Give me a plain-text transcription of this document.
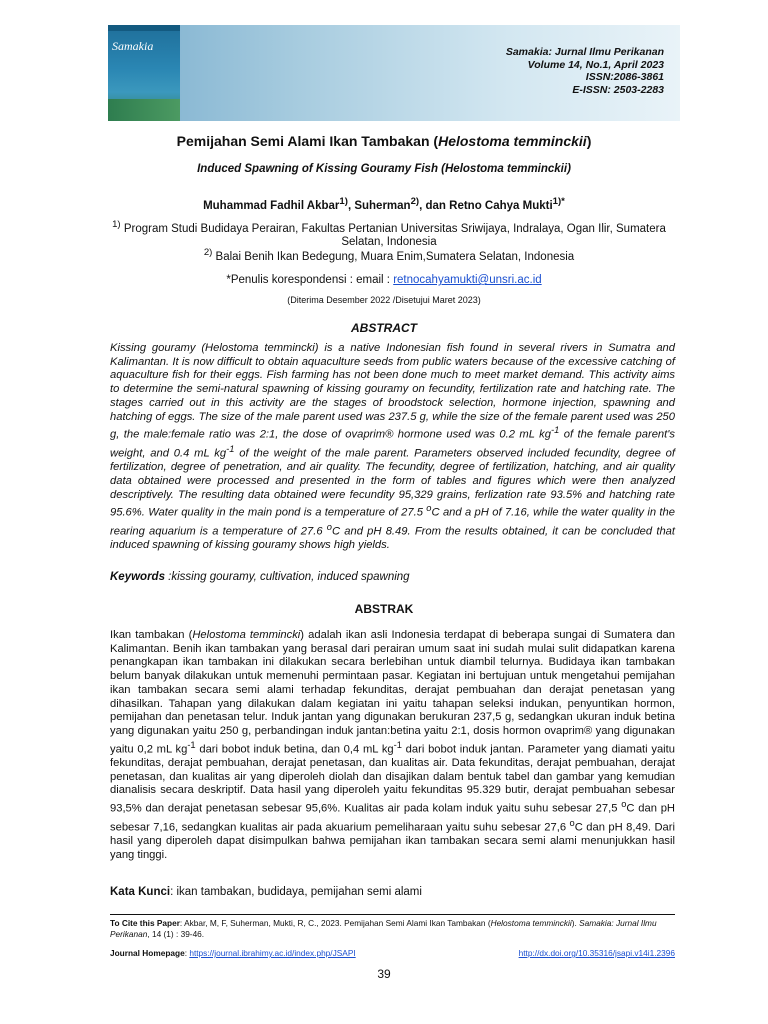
Samakia	Samakia: Jurnal Ilmu Perikanan
Volume 14, No.1, April 2023
ISSN:2086-3861
E-ISSN: 2503-2283
Pemijahan Semi Alami Ikan Tambakan (Helostoma temminckii)
Induced Spawning of Kissing Gouramy Fish (Helostoma temminckii)
Muhammad Fadhil Akbar$^{1)}$, Suherman$^{2)}$, dan Retno Cahya Mukti$^{1)*}$
$^{1)}$ Program Studi Budidaya Perairan, Fakultas Pertanian Universitas Sriwijaya, Indralaya, Ogan Ilir, Sumatera Selatan, Indonesia
$^{2)}$ Balai Benih Ikan Bedegung, Muara Enim,Sumatera Selatan, Indonesia
*Penulis korespondensi : email : retnocahyamukti@unsri.ac.id
(Diterima Desember 2022 /Disetujui Maret 2023)
ABSTRACT
Kissing gouramy (Helostoma temmincki) is a native Indonesian fish found in several rivers in Sumatra and Kalimantan. It is now difficult to obtain aquaculture seeds from public waters because of the excessive catching of aquaculture fish for their eggs. Fish farming has not been done much to meet market demand. This activity aims to determine the semi-natural spawning of kissing gouramy on fecundity, fertilization rate and hatching rate. The stages carried out in this activity are the stages of broodstock selection, hormone injection, spawning and hatching of eggs. The size of the male parent used was 237.5 g, while the size of the female parent used was 250 g, the male:female ratio was 2:1, the dose of ovaprim® hormone used was 0.2 mL $kg^{-1}$ of the female parent's weight, and 0.4 mL $kg^{-1}$ of the weight of the male parent. Parameters observed included fecundity, degree of fertilization, degree of penetration, and air quality. The fecundity, degree of fertilization, hatching, and air quality data obtained were processed and presented in the form of tables and figures which were then analyzed descriptively. The resulting data obtained were fecundity 95,329 grains, ferlization rate 93.5% and hatching rate 95.6%. Water quality in the main pond is a temperature of 27.5 $^o$C and a pH of 7.16, while the water quality in the rearing aquarium is a temperature of 27.6 $^o$C and pH 8.49. From the results obtained, it can be concluded that induced spawning of kissing gouramy shows high yields.
Keywords :kissing gouramy, cultivation, induced spawning
ABSTRAK
Ikan tambakan (Helostoma temmincki) adalah ikan asli Indonesia terdapat di beberapa sungai di Sumatera dan Kalimantan. Benih ikan tambakan yang berasal dari perairan umum saat ini sudah mulai sulit didapatkan karena penangkapan ikan tambakan ini dilakukan secara berlebihan untuk diambil telurnya. Budidaya ikan tambakan belum banyak dilakukan untuk memenuhi permintaan pasar. Kegiatan ini bertujuan untuk mengetahui pemijahan ikan tambakan secara semi alami terhadap fekunditas, derajat pembuahan dan derajat penetasan yang dihasilkan. Tahapan yang dilakukan dalam kegiatan ini yaitu tahapan seleksi indukan, penyuntikan hormon, pemijahan dan penetasan telur. Induk jantan yang digunakan berukuran 237,5 g, sedangkan ukuran induk betina yang digunakan yaitu 250 g, perbandingan induk jantan:betina yaitu 2:1, dosis hormon ovaprim® yang digunakan yaitu 0,2 mL $kg^{-1}$ dari bobot induk betina, dan 0,4 mL $kg^{-1}$ dari bobot induk jantan. Parameter yang diamati yaitu fekunditas, derajat pembuahan, derajat penetasan, dan kualitas air. Data fekunditas, derajat pembuahan, derajat penetasan, dan kualitas air yang diperoleh diolah dan disajikan dalam bentuk tabel dan gambar yang kemudian dianalisis secara deskriptif. Data hasil yang diperoleh yaitu fekunditas 95.329 butir, derajat pembuahan sebesar 93,5% dan derajat penetasan sebesar 95,6%. Kualitas air pada kolam induk yaitu suhu sebesar 27,5 $^o$C dan pH sebesar 7,16, sedangkan kualitas air pada akuarium pemeliharaan yaitu suhu sebesar 27,6 $^o$C dan pH 8,49. Dari hasil yang diperoleh dapat disimpulkan bahwa pemijahan ikan tambakan secara semi alami menunjukkan hasil yang tinggi.
Kata Kunci: ikan tambakan, budidaya, pemijahan semi alami
To Cite this Paper: Akbar, M, F, Suherman, Mukti, R, C., 2023. Pemijahan Semi Alami Ikan Tambakan (Helostoma temminckii). Samakia: Jurnal Ilmu Perikanan, 14 (1) : 39-46.
Journal Homepage: https://journal.ibrahimy.ac.id/index.php/JSAPI	http://dx.doi.org/10.35316/jsapi.v14i1.2396
39
